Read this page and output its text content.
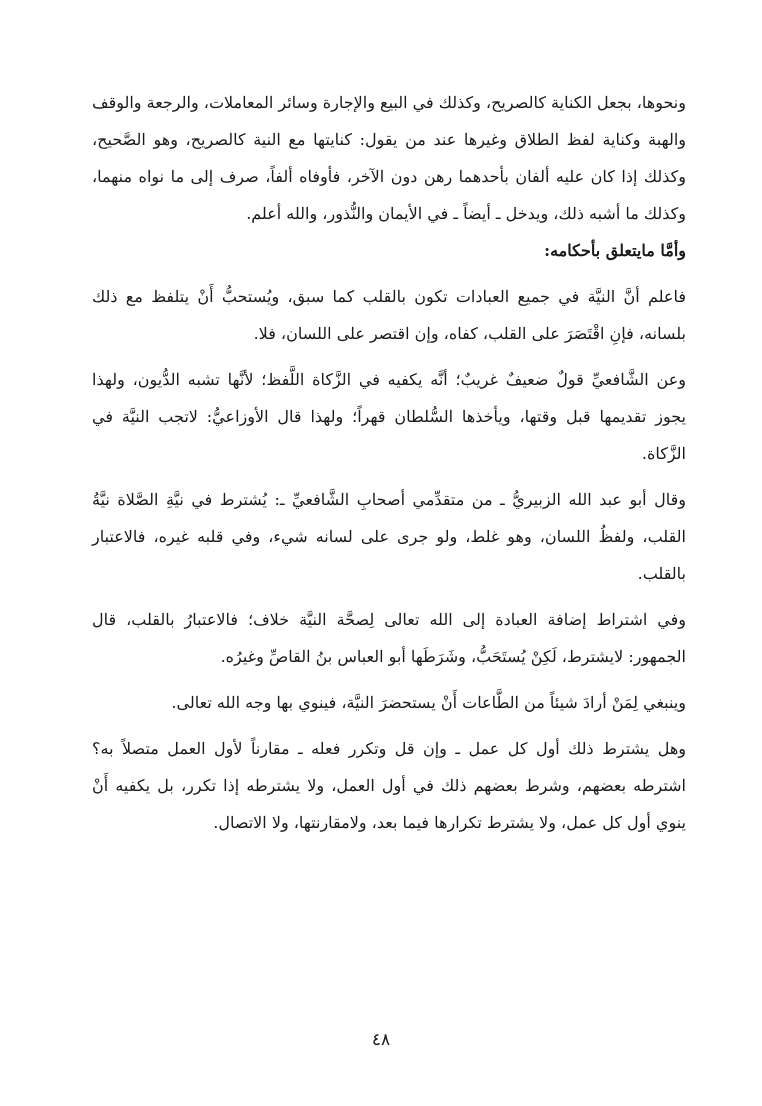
ونحوها، بجعل الكناية كالصريح، وكذلك في البيع والإجارة وسائر المعاملات، والرجعة والوقف والهبة وكناية لفظ الطلاق وغيرها عند من يقول: كنايتها مع النية كالصريح، وهو الصَّحيح، وكذلك إذا كان عليه ألفان بأحدهما رهن دون الآخر، فأوفاه ألفاً، صرف إلى ما نواه منهما، وكذلك ما أشبه ذلك، ويدخل ـ أيضاً ـ في الأيمان والنُّذور، والله أعلم.

وأمَّا مايتعلق بأحكامه:

فاعلم أنَّ النيَّة في جميع العبادات تكون بالقلب كما سبق، ويُستحبُّ أَنْ يتلفظ مع ذلك بلسانه، فإنِ اقْتَصَرَ على القلب، كفاه، وإن اقتصر على اللسان، فلا.

وعن الشَّافعيِّ قولٌ ضعيفٌ غريبٌ؛ أنَّه يكفيه في الزَّكاة اللَّفظ؛ لأنَّها تشبه الدُّيون، ولهذا يجوز تقديمها قبل وقتها، ويأخذها السُّلطان قهراً؛ ولهذا قال الأوزاعيُّ: لاتجب النيَّة في الزَّكاة.

وقال أبو عبد الله الزبيريُّ ـ من متقدِّمي أصحابِ الشَّافعيِّ ـ: يُشترط في نيَّةِ الصَّلاة نيَّةُ القلب، ولفظُ اللسان، وهو غلط، ولو جرى على لسانه شيء، وفي قلبه غيره، فالاعتبار بالقلب.

وفي اشتراط إضافة العبادة إلى الله تعالى لِصحَّة النيَّة خلاف؛ فالاعتبارُ بالقلب، قال الجمهور: لايشترط، لَكِنْ يُستَحَبُّ، وشَرَطَها أبو العباس بنُ القاصِّ وغيرُه.

وينبغي لِمَنْ أرادَ شيئاً من الطَّاعات أَنْ يستحضرَ النيَّة، فينوي بها وجه الله تعالى.

وهل يشترط ذلك أول كل عمل ـ وإن قل وتكرر فعله ـ مقارناً لأول العمل متصلاً به؟ اشترطه بعضهم، وشرط بعضهم ذلك في أول العمل، ولا يشترطه إذا تكرر، بل يكفيه أَنْ ينوي أول كل عمل، ولا يشترط تكرارها فيما بعد، ولامقارنتها، ولا الاتصال.

٤٨
